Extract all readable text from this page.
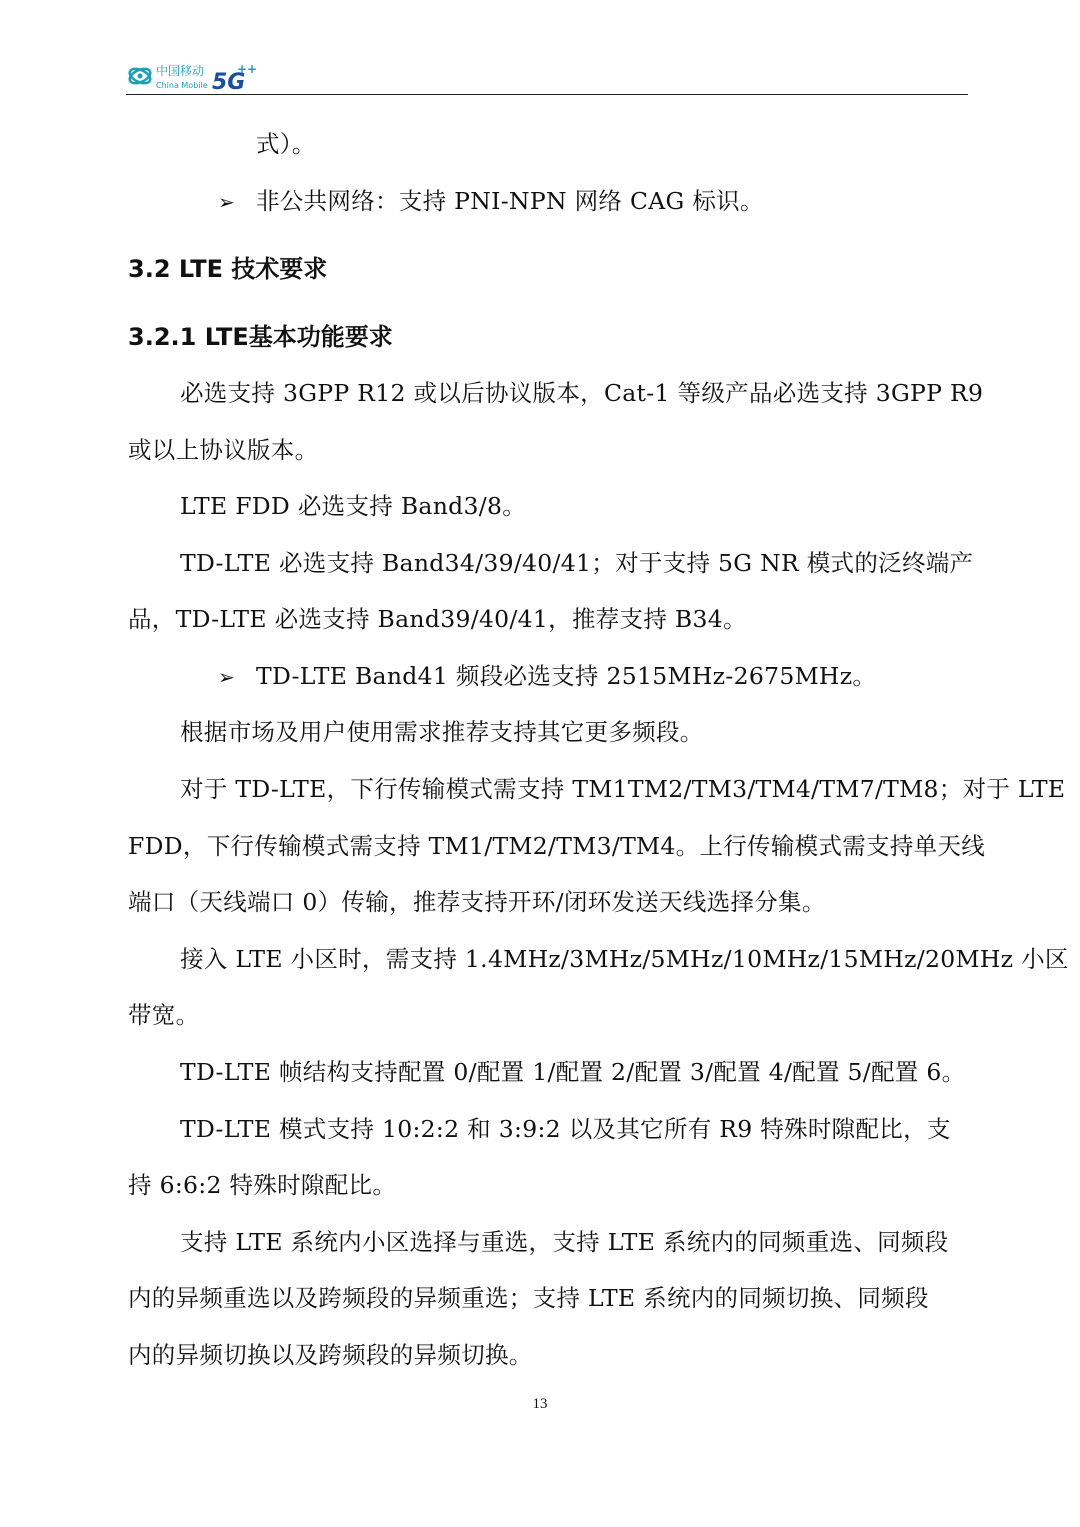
中国移动
China Mobile 5G
++
式）。
➢ 非公共网络：支持 PNI-NPN 网络 CAG 标识。
3.2 LTE 技术要求
3.2.1 LTE基本功能要求
必选支持 3GPP R12 或以后协议版本，Cat-1 等级产品必选支持 3GPP R9
或以上协议版本。
LTE FDD 必选支持 Band3/8。
TD-LTE 必选支持 Band34/39/40/41；对于支持 5G NR 模式的泛终端产
品，TD-LTE 必选支持 Band39/40/41，推荐支持 B34。
➢ TD-LTE Band41 频段必选支持 2515MHz-2675MHz。
根据市场及用户使用需求推荐支持其它更多频段。
对于 TD-LTE，下行传输模式需支持 TM1TM2/TM3/TM4/TM7/TM8；对于 LTE
FDD，下行传输模式需支持 TM1/TM2/TM3/TM4。上行传输模式需支持单天线
端口（天线端口 0）传输，推荐支持开环/闭环发送天线选择分集。
接入 LTE 小区时，需支持 1.4MHz/3MHz/5MHz/10MHz/15MHz/20MHz 小区
带宽。
TD-LTE 帧结构支持配置 0/配置 1/配置 2/配置 3/配置 4/配置 5/配置 6。
TD-LTE 模式支持 10:2:2 和 3:9:2 以及其它所有 R9 特殊时隙配比，支
持 6:6:2 特殊时隙配比。
支持 LTE 系统内小区选择与重选，支持 LTE 系统内的同频重选、同频段
内的异频重选以及跨频段的异频重选；支持 LTE 系统内的同频切换、同频段
内的异频切换以及跨频段的异频切换。
13
